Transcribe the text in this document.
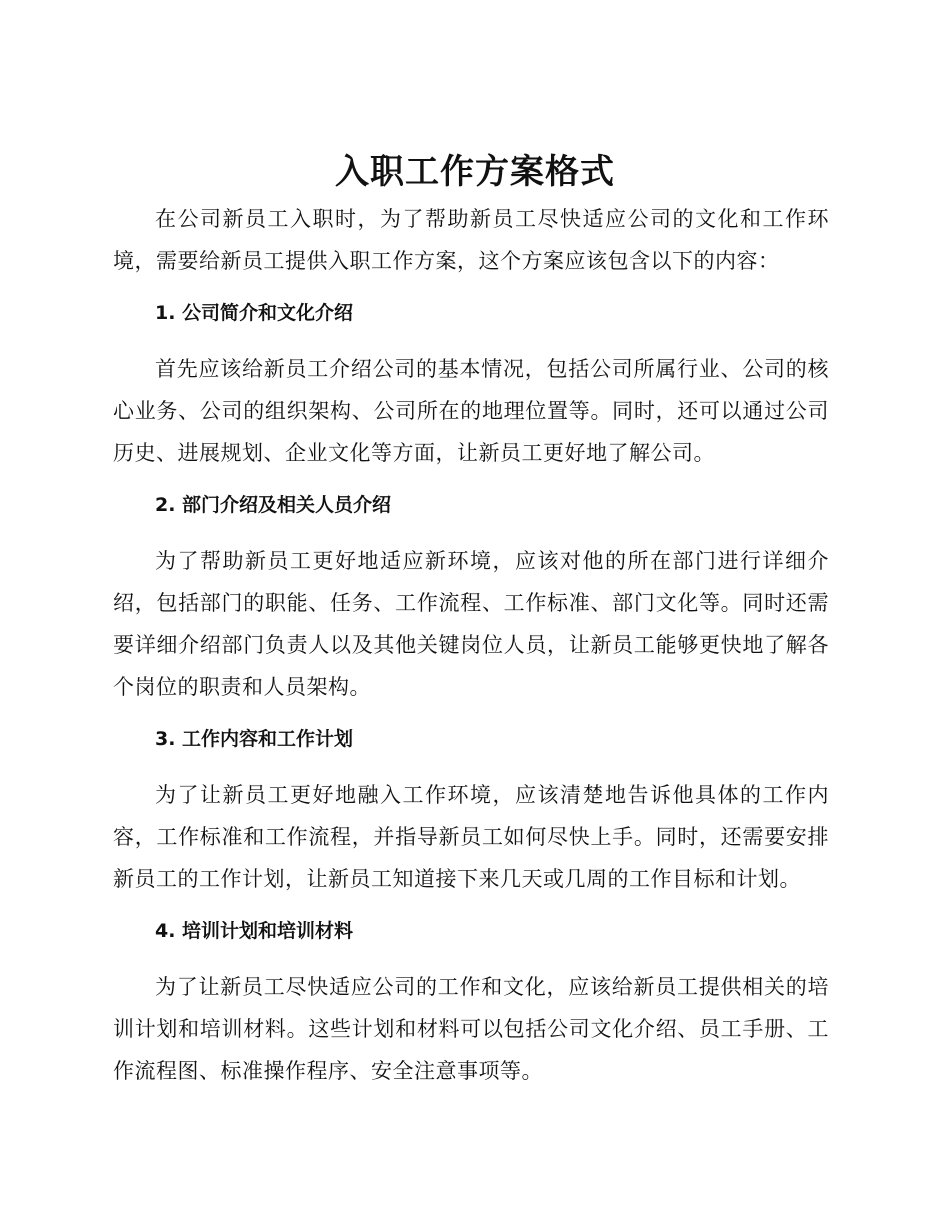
入职工作方案格式

在公司新员工入职时，为了帮助新员工尽快适应公司的文化和工作环境，需要给新员工提供入职工作方案，这个方案应该包含以下的内容：

1. 公司简介和文化介绍

首先应该给新员工介绍公司的基本情况，包括公司所属行业、公司的核心业务、公司的组织架构、公司所在的地理位置等。同时，还可以通过公司历史、进展规划、企业文化等方面，让新员工更好地了解公司。

2. 部门介绍及相关人员介绍

为了帮助新员工更好地适应新环境，应该对他的所在部门进行详细介绍，包括部门的职能、任务、工作流程、工作标准、部门文化等。同时还需要详细介绍部门负责人以及其他关键岗位人员，让新员工能够更快地了解各个岗位的职责和人员架构。

3. 工作内容和工作计划

为了让新员工更好地融入工作环境，应该清楚地告诉他具体的工作内容，工作标准和工作流程，并指导新员工如何尽快上手。同时，还需要安排新员工的工作计划，让新员工知道接下来几天或几周的工作目标和计划。

4. 培训计划和培训材料

为了让新员工尽快适应公司的工作和文化，应该给新员工提供相关的培训计划和培训材料。这些计划和材料可以包括公司文化介绍、员工手册、工作流程图、标准操作程序、安全注意事项等。
